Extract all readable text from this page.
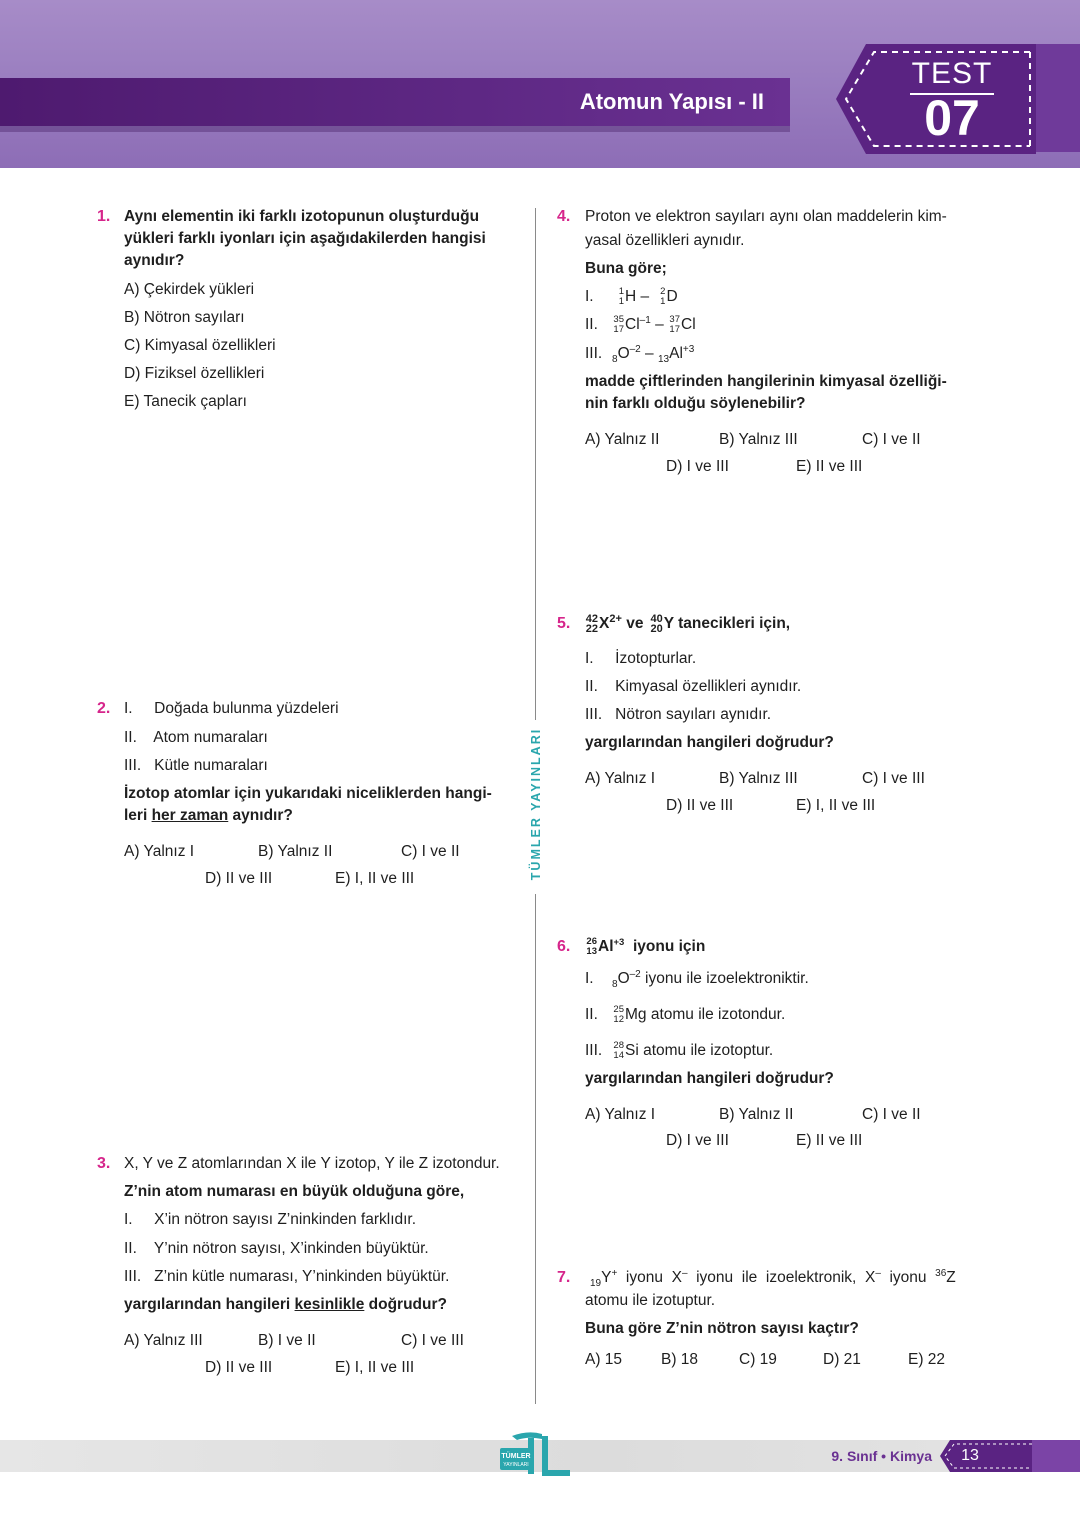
Atomun Yapısı - II
TEST
07
TÜMLER YAYINLARI
1. Aynı elementin iki farklı izotopunun oluşturduğu
yükleri farklı iyonları için aşağıdakilerden hangisi
aynıdır?
A) Çekirdek yükleri
B) Nötron sayıları
C) Kimyasal özellikleri
D) Fiziksel özellikleri
E) Tanecik çapları
2. I.     Doğada bulunma yüzdeleri
II.    Atom numaraları
III.   Kütle numaraları
İzotop atomlar için yukarıdaki niceliklerden hangi-
leri her zaman aynıdır?
A) Yalnız I	B) Yalnız II	C) I ve II
D) II ve III	E) I, II ve III
3. X, Y ve Z atomlarından X ile Y izotop, Y ile Z izotondur.
Z’nin atom numarası en büyük olduğuna göre,
I.     X’in nötron sayısı Z’ninkinden farklıdır.
II.    Y’nin nötron sayısı, X’inkinden büyüktür.
III.   Z’nin kütle numarası, Y’ninkinden büyüktür.
yargılarından hangileri kesinlikle doğrudur?
A) Yalnız III	B) I ve II	C) I ve III
D) II ve III	E) I, II ve III
4. Proton ve elektron sayıları aynı olan maddelerin kim-
yasal özellikleri aynıdır.
Buna göre;
I.	1
1 H – 2
1 D
II. 35
17 $Cl^{-1} - 37$
17 Cl
III. $_8O^{-2} - _{13}Al^{+3}$
madde çiftlerinden hangilerinin kimyasal özelliği-
nin farklı olduğu söylenebilir?
A) Yalnız II	B) Yalnız III	C) I ve II
D) I ve III	E) II ve III
5. 42
22 $X^{2+}$ ve 40
20 Y tanecikleri için,
I.     İzotopturlar.
II.    Kimyasal özellikleri aynıdır.
III.   Nötron sayıları aynıdır.
yargılarından hangileri doğrudur?
A) Yalnız I	B) Yalnız III	C) I ve III
D) II ve III	E) I, II ve III
6. 26
13 $Al^{+3}$  iyonu için
I. $_8O^{-2}$ iyonu ile izoelektroniktir.
II. 25
12 Mg atomu ile izotondur.
III. 28
14 Si atomu ile izotoptur.
yargılarından hangileri doğrudur?
A) Yalnız I	B) Yalnız II	C) I ve II
D) I ve III	E) II ve III
7. $_{19}$Y+  iyonu  X–  iyonu  ile  izoelektronik,  X–  iyonu  $^{36}$Z
atomu ile izotuptur.
Buna göre Z’nin nötron sayısı kaçtır?
A) 15	B) 18	C) 19	D) 21	E) 22
TÜMLER
YAYINLARI
9. Sınıf • Kimya	13
